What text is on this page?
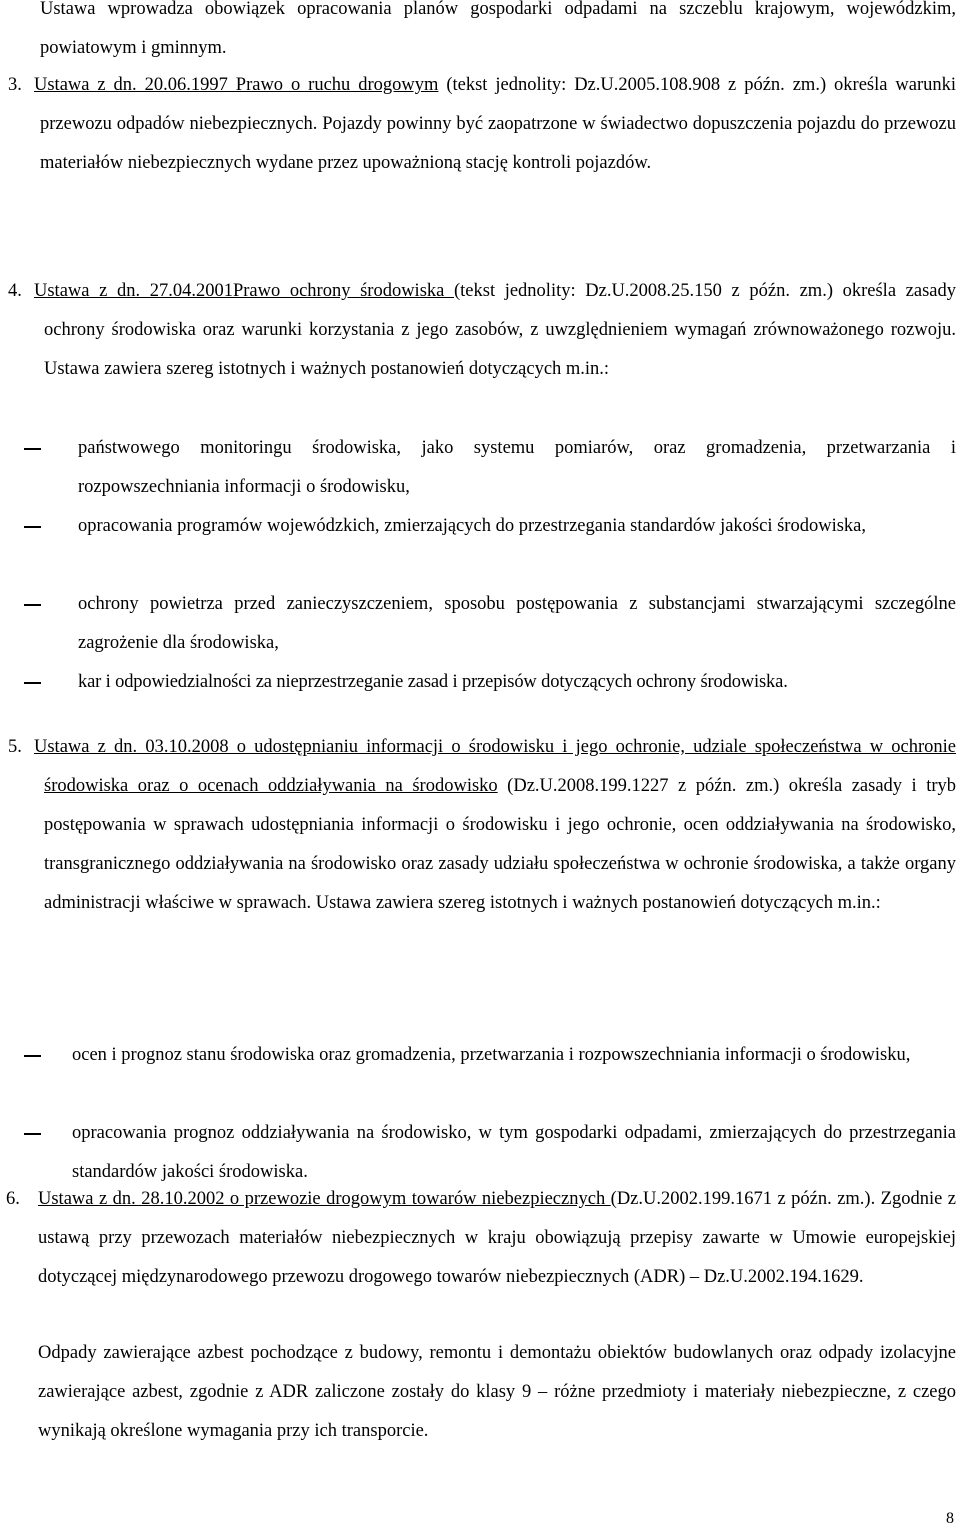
Ustawa wprowadza obowiązek opracowania planów gospodarki odpadami na szczeblu krajowym, wojewódzkim, powiatowym i gminnym.

3. Ustawa z dn. 20.06.1997 Prawo o ruchu drogowym (tekst jednolity: Dz.U.2005.108.908 z późn. zm.) określa warunki przewozu odpadów niebezpiecznych. Pojazdy powinny być zaopatrzone w świadectwo dopuszczenia pojazdu do przewozu materiałów niebezpiecznych wydane przez upoważnioną stację kontroli pojazdów.

4. Ustawa z dn. 27.04.2001Prawo ochrony środowiska (tekst jednolity: Dz.U.2008.25.150 z późn. zm.) określa zasady ochrony środowiska oraz warunki korzystania z jego zasobów, z uwzględnieniem wymagań zrównoważonego rozwoju. Ustawa zawiera szereg istotnych i ważnych postanowień dotyczących m.in.:

państwowego monitoringu środowiska, jako systemu pomiarów, oraz gromadzenia, przetwarzania i rozpowszechniania informacji o środowisku,
opracowania programów wojewódzkich, zmierzających do przestrzegania standardów jakości środowiska,
ochrony powietrza przed zanieczyszczeniem, sposobu postępowania z substancjami stwarzającymi szczególne zagrożenie dla środowiska,
kar i odpowiedzialności za nieprzestrzeganie zasad i przepisów dotyczących ochrony środowiska.
5. Ustawa z dn. 03.10.2008 o udostępnianiu informacji o środowisku i jego ochronie, udziale społeczeństwa w ochronie środowiska oraz o ocenach oddziaływania na środowisko (Dz.U.2008.199.1227 z późn. zm.) określa zasady i tryb postępowania w sprawach udostępniania informacji o środowisku i jego ochronie, ocen oddziaływania na środowisko, transgranicznego oddziaływania na środowisko oraz zasady udziału społeczeństwa w ochronie środowiska, a także organy administracji właściwe w sprawach. Ustawa zawiera szereg istotnych i ważnych postanowień dotyczących m.in.:

ocen i prognoz stanu środowiska oraz gromadzenia, przetwarzania i rozpowszechniania informacji o środowisku,
opracowania prognoz oddziaływania na środowisko, w tym gospodarki odpadami, zmierzających do przestrzegania standardów jakości środowiska.
6. Ustawa z dn. 28.10.2002 o przewozie drogowym towarów niebezpiecznych (Dz.U.2002.199.1671 z późn. zm.). Zgodnie z ustawą przy przewozach materiałów niebezpiecznych w kraju obowiązują przepisy zawarte w Umowie europejskiej dotyczącej międzynarodowego przewozu drogowego towarów niebezpiecznych (ADR) – Dz.U.2002.194.1629.

Odpady zawierające azbest pochodzące z budowy, remontu i demontażu obiektów budowlanych oraz odpady izolacyjne zawierające azbest, zgodnie z ADR zaliczone zostały do klasy 9 – różne przedmioty i materiały niebezpieczne, z czego wynikają określone wymagania przy ich transporcie.

8
